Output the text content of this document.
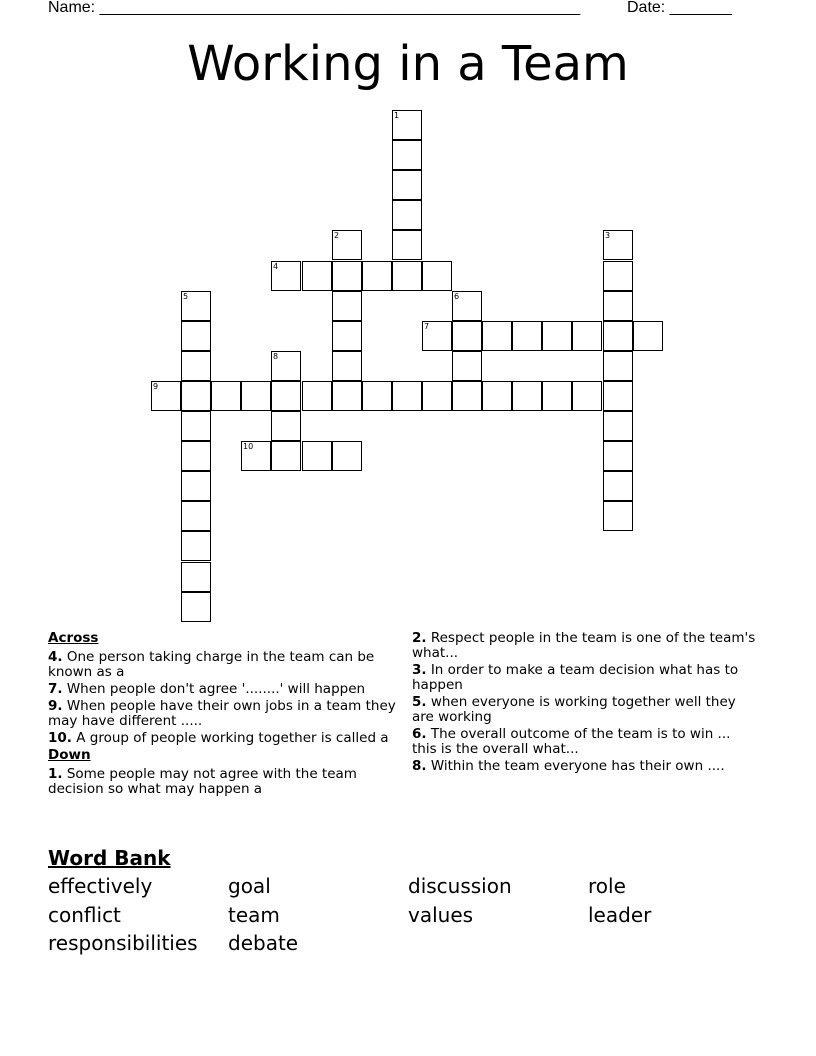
Name: ______________________________________________________	Date: _______
Working in a Team
1
2	3
4
5	6
7
8
9
10
Across
4. One person taking charge in the team can be known as a
7. When people don't agree '........' will happen
9. When people have their own jobs in a team they may have different .....
10. A group of people working together is called a
Down
1. Some people may not agree with the team decision so what may happen a
2. Respect people in the team is one of the team's what...
3. In order to make a team decision what has to happen
5. when everyone is working together well they are working
6. The overall outcome of the team is to win ... this is the overall what...
8. Within the team everyone has their own ....
Word Bank
effectively	goal	discussion	role
conflict	team	values	leader
responsibilities	debate
